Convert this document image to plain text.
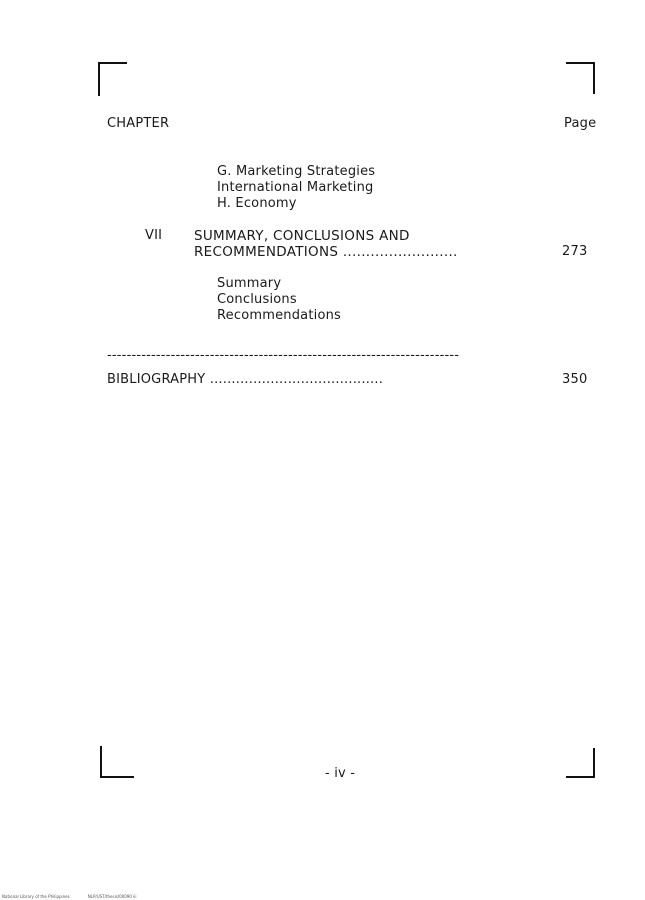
CHAPTER	Page
G. Marketing Strategies
International Marketing
H. Economy
VII SUMMARY, CONCLUSIONS AND
RECOMMENDATIONS .........................	273
Summary
Conclusions
Recommendations
------------------------------------------------------------------------
BIBLIOGRAPHY ........................................	350
- iv -
National Library of the Philippines	NLP/UST/thesis/00090 iii
